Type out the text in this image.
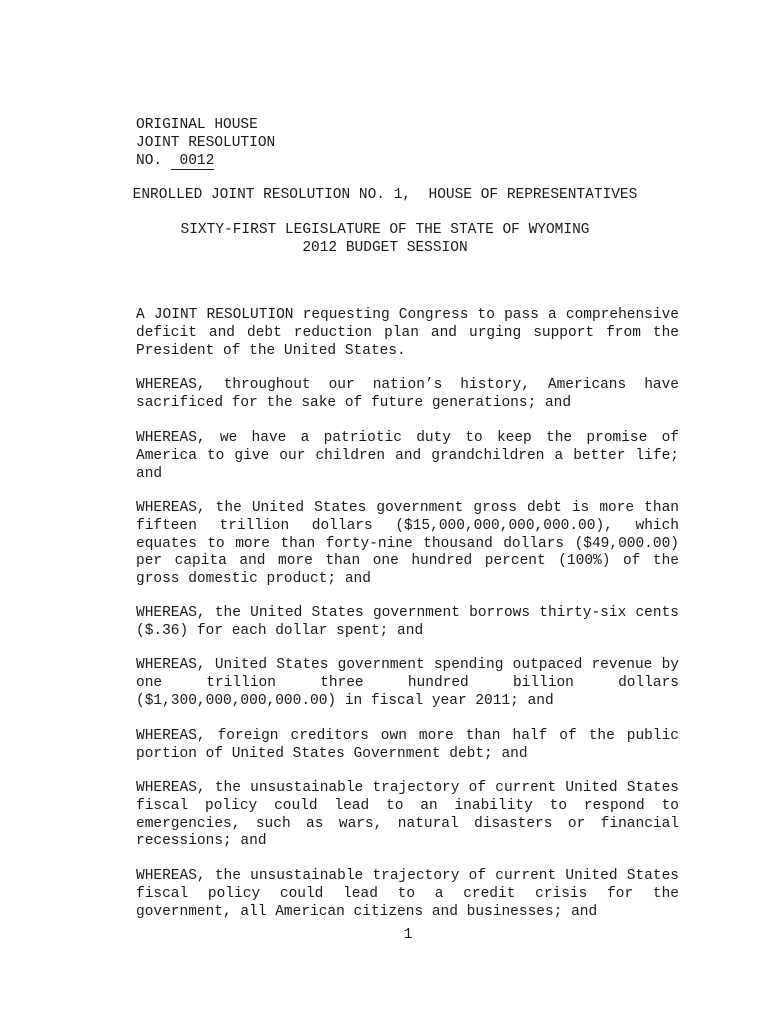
ORIGINAL HOUSE
JOINT RESOLUTION
NO.  0012
ENROLLED JOINT RESOLUTION NO. 1,  HOUSE OF REPRESENTATIVES
SIXTY-FIRST LEGISLATURE OF THE STATE OF WYOMING
2012 BUDGET SESSION

A JOINT RESOLUTION requesting Congress to pass a comprehensive deficit and debt reduction plan and urging support from the President of the United States.

WHEREAS, throughout our nation’s history, Americans have sacrificed for the sake of future generations; and

WHEREAS, we have a patriotic duty to keep the promise of America to give our children and grandchildren a better life; and

WHEREAS, the United States government gross debt is more than fifteen trillion dollars ($15,000,000,000,000.00), which equates to more than forty-nine thousand dollars ($49,000.00) per capita and more than one hundred percent (100%) of the gross domestic product; and

WHEREAS, the United States government borrows thirty-six cents ($.36) for each dollar spent; and

WHEREAS, United States government spending outpaced revenue by one trillion three hundred billion dollars ($1,300,000,000,000.00) in fiscal year 2011; and

WHEREAS, foreign creditors own more than half of the public portion of United States Government debt; and

WHEREAS, the unsustainable trajectory of current United States fiscal policy could lead to an inability to respond to emergencies, such as wars, natural disasters or financial recessions; and

WHEREAS, the unsustainable trajectory of current United States fiscal policy could lead to a credit crisis for the government, all American citizens and businesses; and

1
